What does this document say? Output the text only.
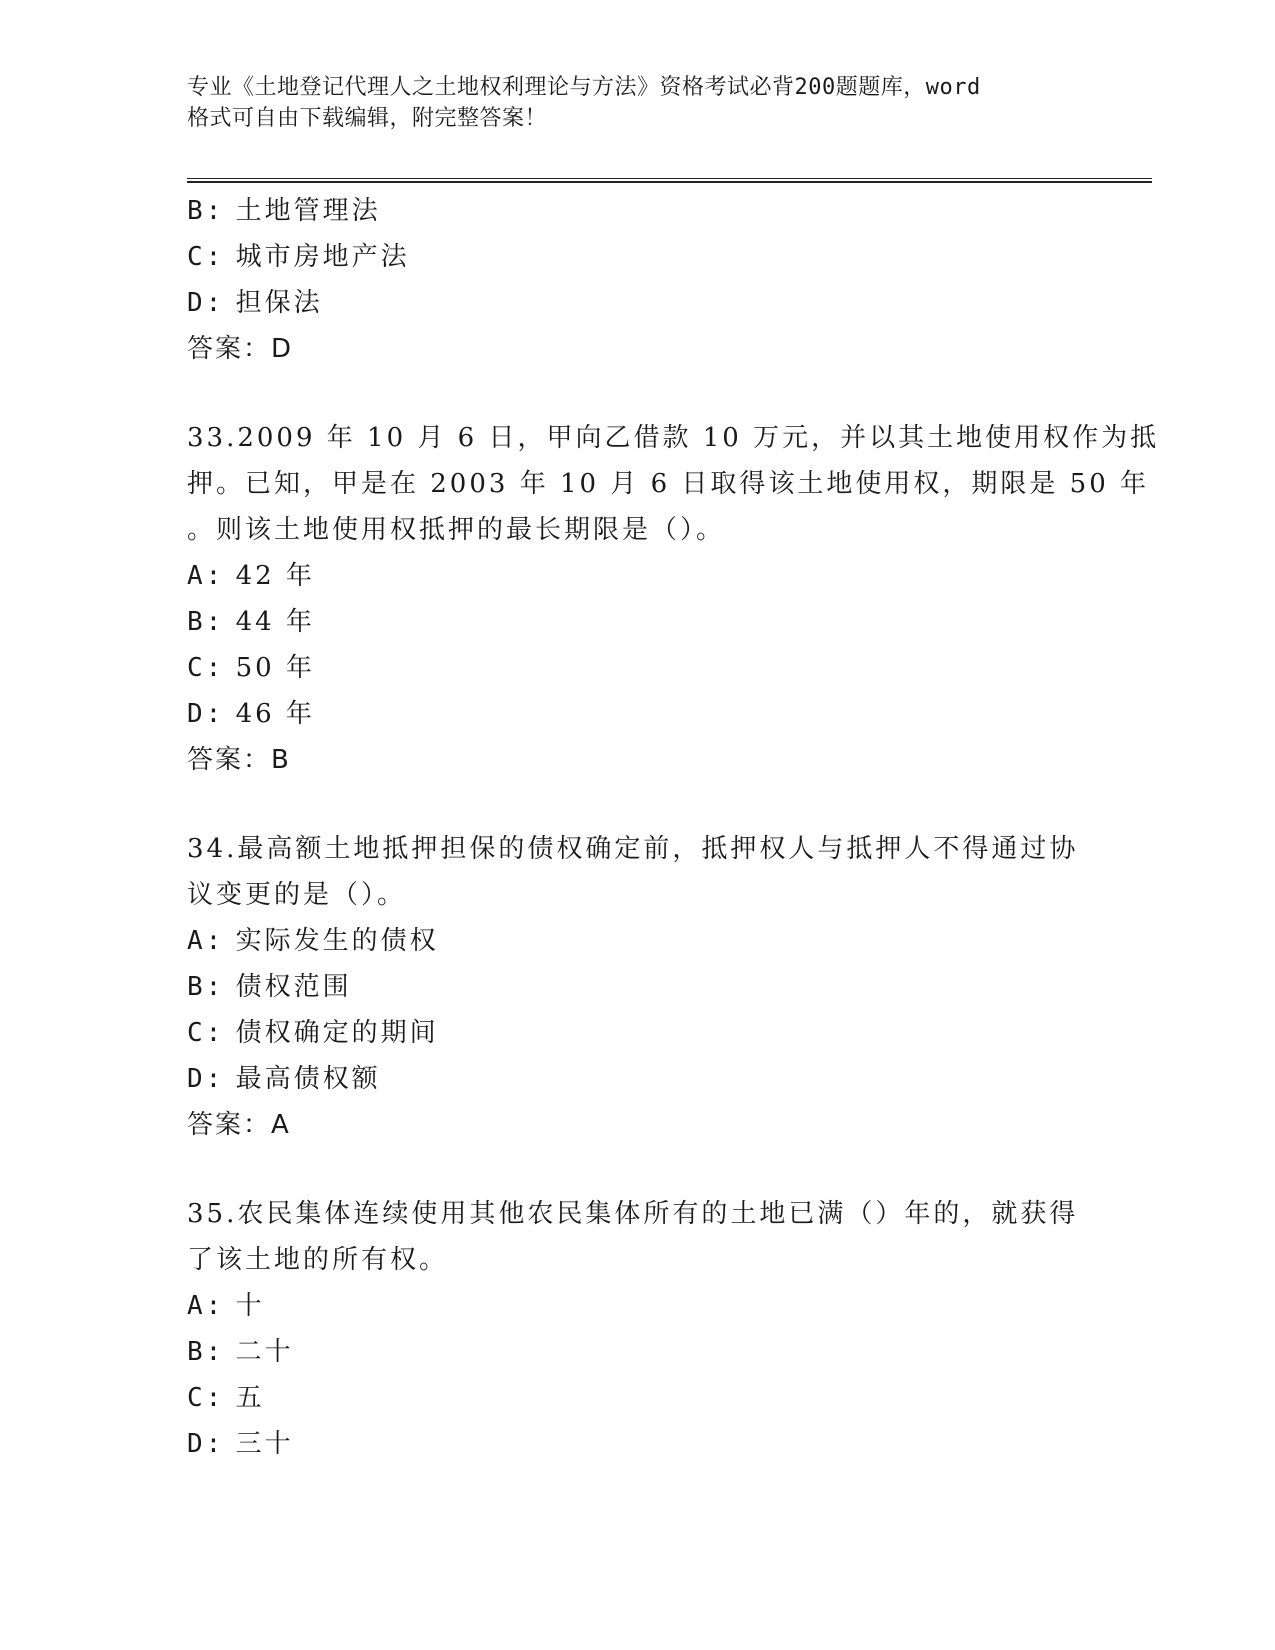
专业《土地登记代理人之土地权利理论与方法》资格考试必背200题题库，word
格式可自由下载编辑，附完整答案！
B: 土地管理法
C: 城市房地产法
D: 担保法
答案：D
33.2009 年 10 月 6 日，甲向乙借款 10 万元，并以其土地使用权作为抵
押。已知，甲是在 2003 年 10 月 6 日取得该土地使用权，期限是 50 年
。则该土地使用权抵押的最长期限是（）。
A: 42 年
B: 44 年
C: 50 年
D: 46 年
答案：B
34.最高额土地抵押担保的债权确定前，抵押权人与抵押人不得通过协
议变更的是（）。
A: 实际发生的债权
B: 债权范围
C: 债权确定的期间
D: 最高债权额
答案：A
35.农民集体连续使用其他农民集体所有的土地已满（）年的，就获得
了该土地的所有权。
A: 十
B: 二十
C: 五
D: 三十
